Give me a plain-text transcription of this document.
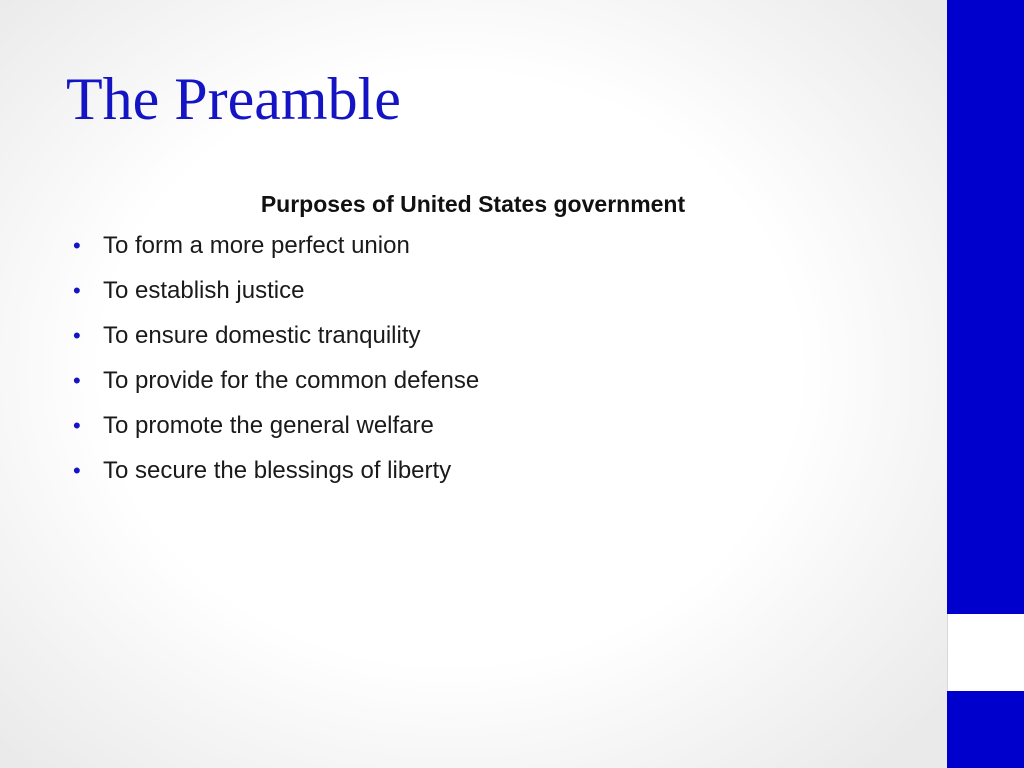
The Preamble

Purposes of United States government

• To form a more perfect union
• To establish justice
• To ensure domestic tranquility
• To provide for the common defense
• To promote the general welfare
• To secure the blessings of liberty
